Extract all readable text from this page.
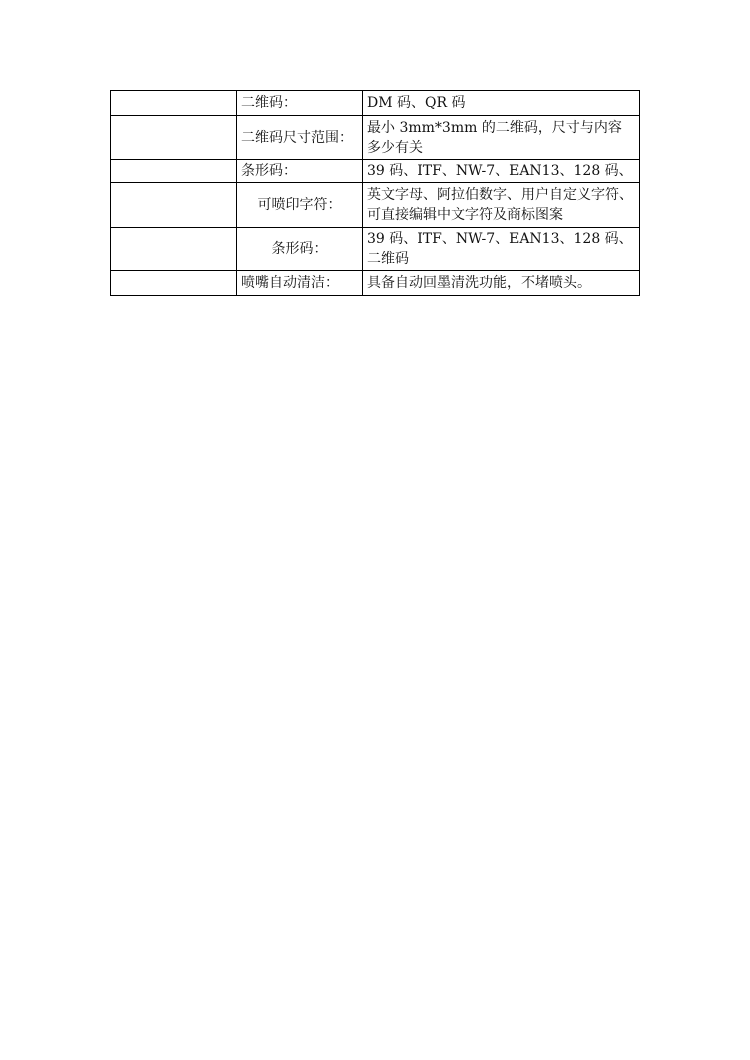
	二维码：	DM 码、QR 码
	二维码尺寸范围：	最小 3mm*3mm 的二维码，尺寸与内容多少有关
	条形码：	39 码、ITF、NW-7、EAN13、128 码、
	可喷印字符：	英文字母、阿拉伯数字、用户自定义字符、可直接编辑中文字符及商标图案
	条形码：	39 码、ITF、NW-7、EAN13、128 码、二维码
	喷嘴自动清洁：	具备自动回墨清洗功能，不堵喷头。
